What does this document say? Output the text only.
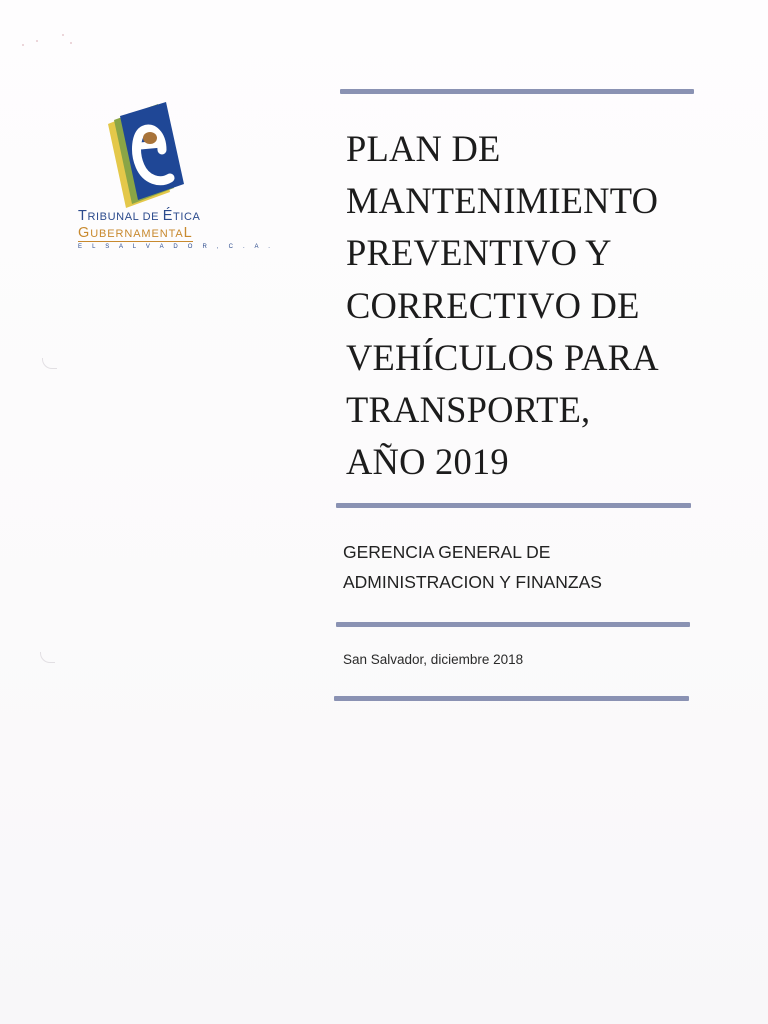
TRIBUNAL DE ÉTICA
GUBERNAMENTAL
E L S A L V A D O R , C . A .
PLAN DE
MANTENIMIENTO
PREVENTIVO Y
CORRECTIVO DE
VEHÍCULOS PARA
TRANSPORTE,
AÑO 2019
GERENCIA GENERAL DE
ADMINISTRACION Y FINANZAS
San Salvador, diciembre 2018
